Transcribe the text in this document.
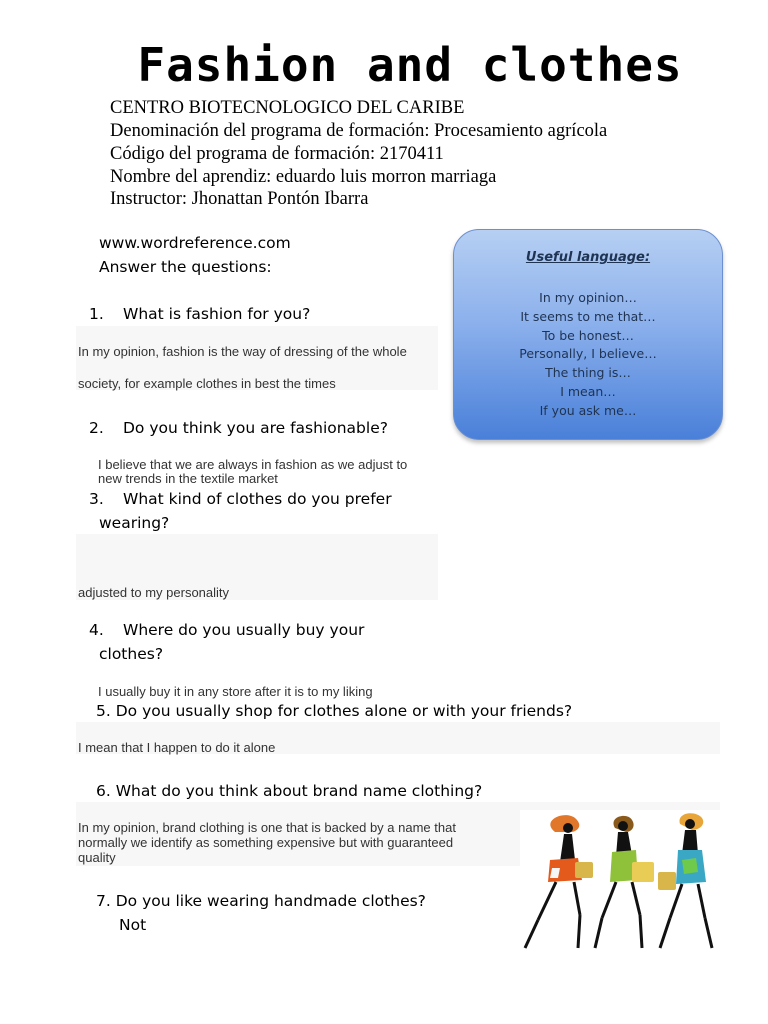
Fashion and clothes
CENTRO BIOTECNOLOGICO DEL CARIBE
Denominación del programa de formación: Procesamiento agrícola
Código del programa de formación: 2170411
Nombre del aprendiz: eduardo luis morron marriaga
Instructor: Jhonattan Pontón Ibarra
www.wordreference.com
Answer the questions:
Useful language:
In my opinion…
It seems to me that…
To be honest…
Personally, I believe…
The thing is…
I mean…
If you ask me…
1. What is fashion for you?
In my opinion, fashion is the way of dressing of the whole
society, for example clothes in best the times
2. Do you think you are fashionable?
I believe that we are always in fashion as we adjust to
new trends in the textile market
3. What kind of clothes do you prefer
wearing?
adjusted to my personality
4. Where do you usually buy your
clothes?
I usually buy it in any store after it is to my liking
5. Do you usually shop for clothes alone or with your friends?
I mean that I happen to do it alone
6. What do you think about brand name clothing?
In my opinion, brand clothing is one that is backed by a name that
normally we identify as something expensive but with guaranteed
quality
7. Do you like wearing handmade clothes?
Not
